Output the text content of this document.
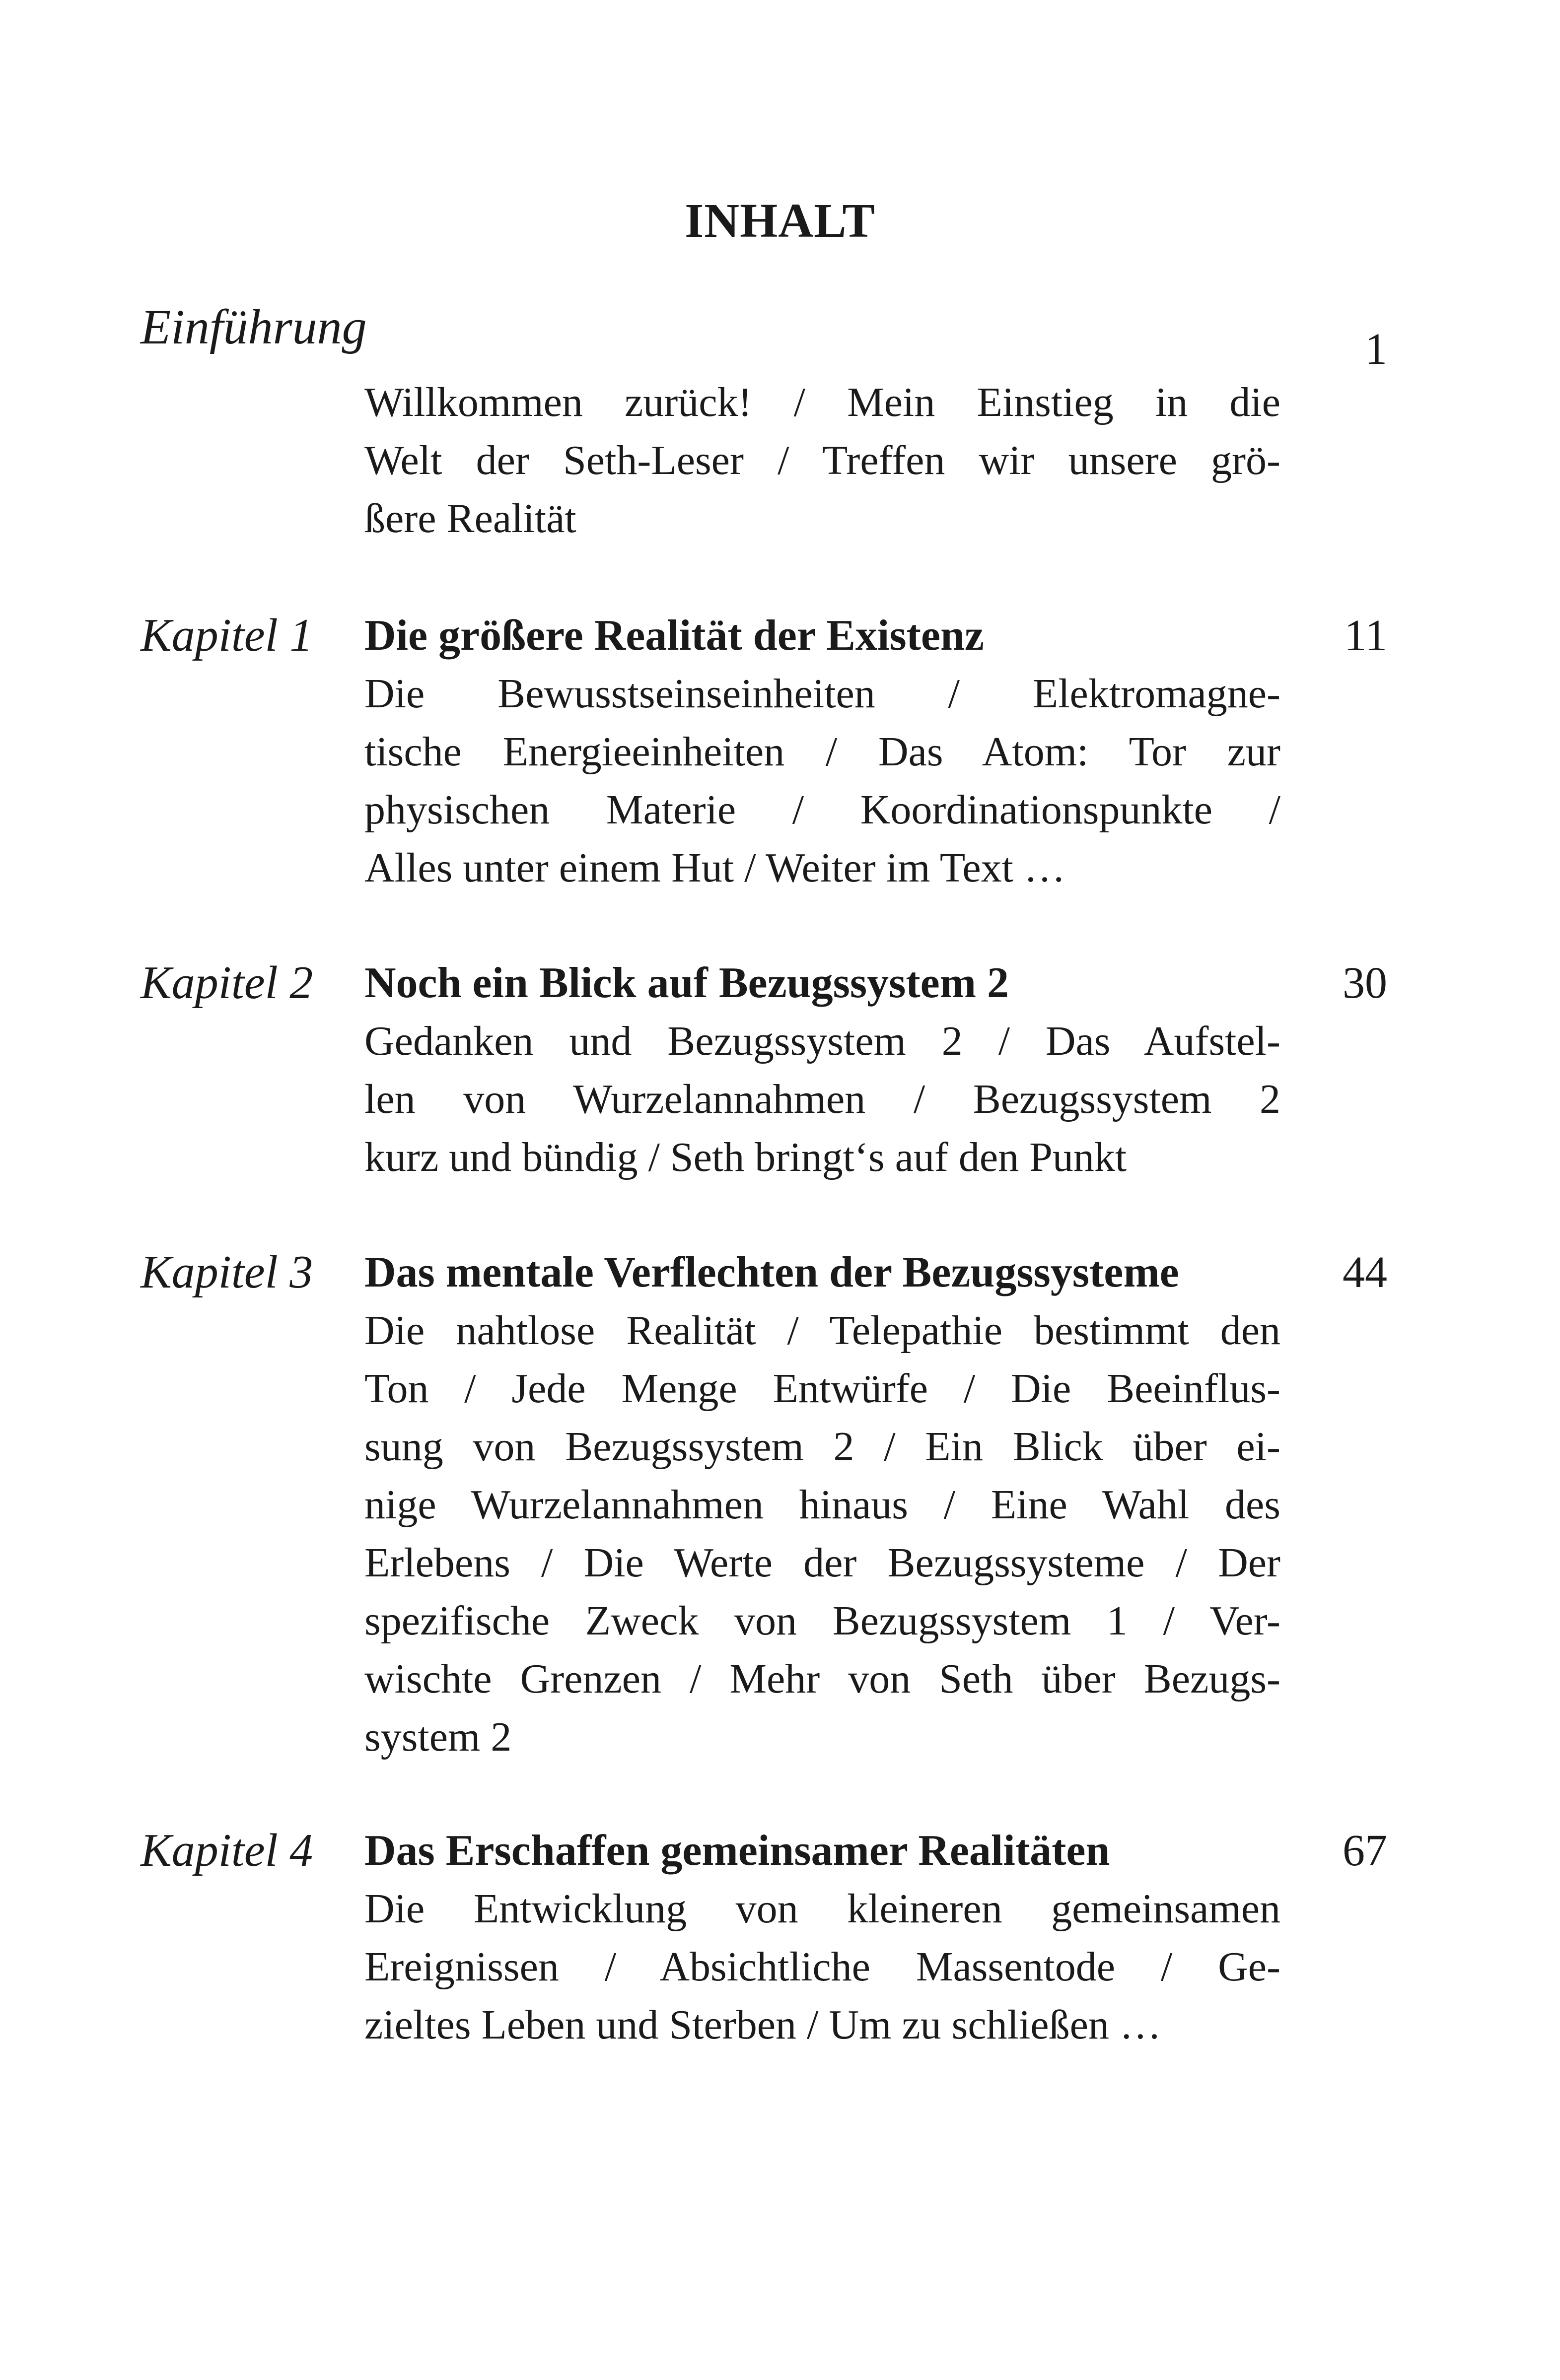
INHALT
Einführung	1
Willkommen zurück! / Mein Einstieg in die
Welt der Seth-Leser / Treffen wir unsere grö-
ßere Realität
Kapitel 1 Die größere Realität der Existenz	11
Die Bewusstseinseinheiten / Elektromagne-
tische Energieeinheiten / Das Atom: Tor zur
physischen Materie / Koordinationspunkte /
Alles unter einem Hut / Weiter im Text …
Kapitel 2 Noch ein Blick auf Bezugssystem 2	30
Gedanken und Bezugssystem 2 / Das Aufstel-
len von Wurzelannahmen / Bezugssystem 2
kurz und bündig / Seth bringt‘s auf den Punkt
Kapitel 3 Das mentale Verflechten der Bezugssysteme	44
Die nahtlose Realität / Telepathie bestimmt den
Ton / Jede Menge Entwürfe / Die Beeinflus-
sung von Bezugssystem 2 / Ein Blick über ei-
nige Wurzelannahmen hinaus / Eine Wahl des
Erlebens / Die Werte der Bezugssysteme / Der
spezifische Zweck von Bezugssystem 1 / Ver-
wischte Grenzen / Mehr von Seth über Bezugs-
system 2
Kapitel 4 Das Erschaffen gemeinsamer Realitäten	67
Die Entwicklung von kleineren gemeinsamen
Ereignissen / Absichtliche Massentode / Ge-
zieltes Leben und Sterben / Um zu schließen …
